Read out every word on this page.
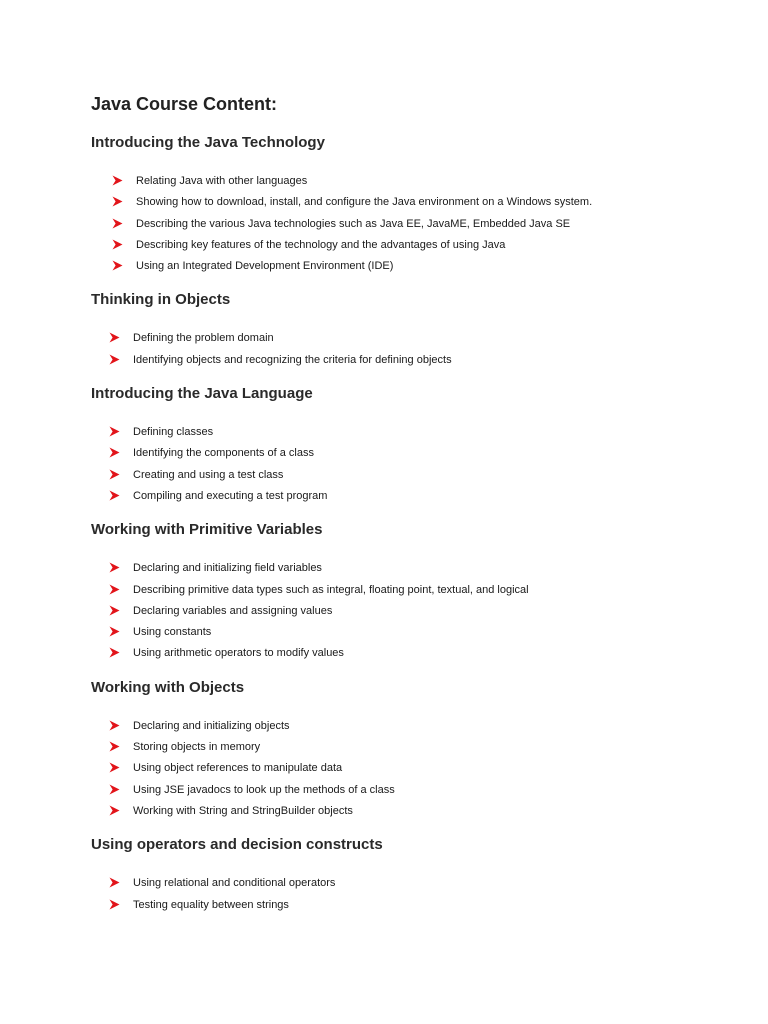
Java Course Content:
Introducing the Java Technology
Relating Java with other languages
Showing how to download, install, and configure the Java environment on a Windows system.
Describing the various Java technologies such as Java EE, JavaME, Embedded Java SE
Describing key features of the technology and the advantages of using Java
Using an Integrated Development Environment (IDE)
Thinking in Objects
Defining the problem domain
Identifying objects and recognizing the criteria for defining objects
Introducing the Java Language
Defining classes
Identifying the components of a class
Creating and using a test class
Compiling and executing a test program
Working with Primitive Variables
Declaring and initializing field variables
Describing primitive data types such as integral, floating point, textual, and logical
Declaring variables and assigning values
Using constants
Using arithmetic operators to modify values
Working with Objects
Declaring and initializing objects
Storing objects in memory
Using object references to manipulate data
Using JSE javadocs to look up the methods of a class
Working with String and StringBuilder objects
Using operators and decision constructs
Using relational and conditional operators
Testing equality between strings
